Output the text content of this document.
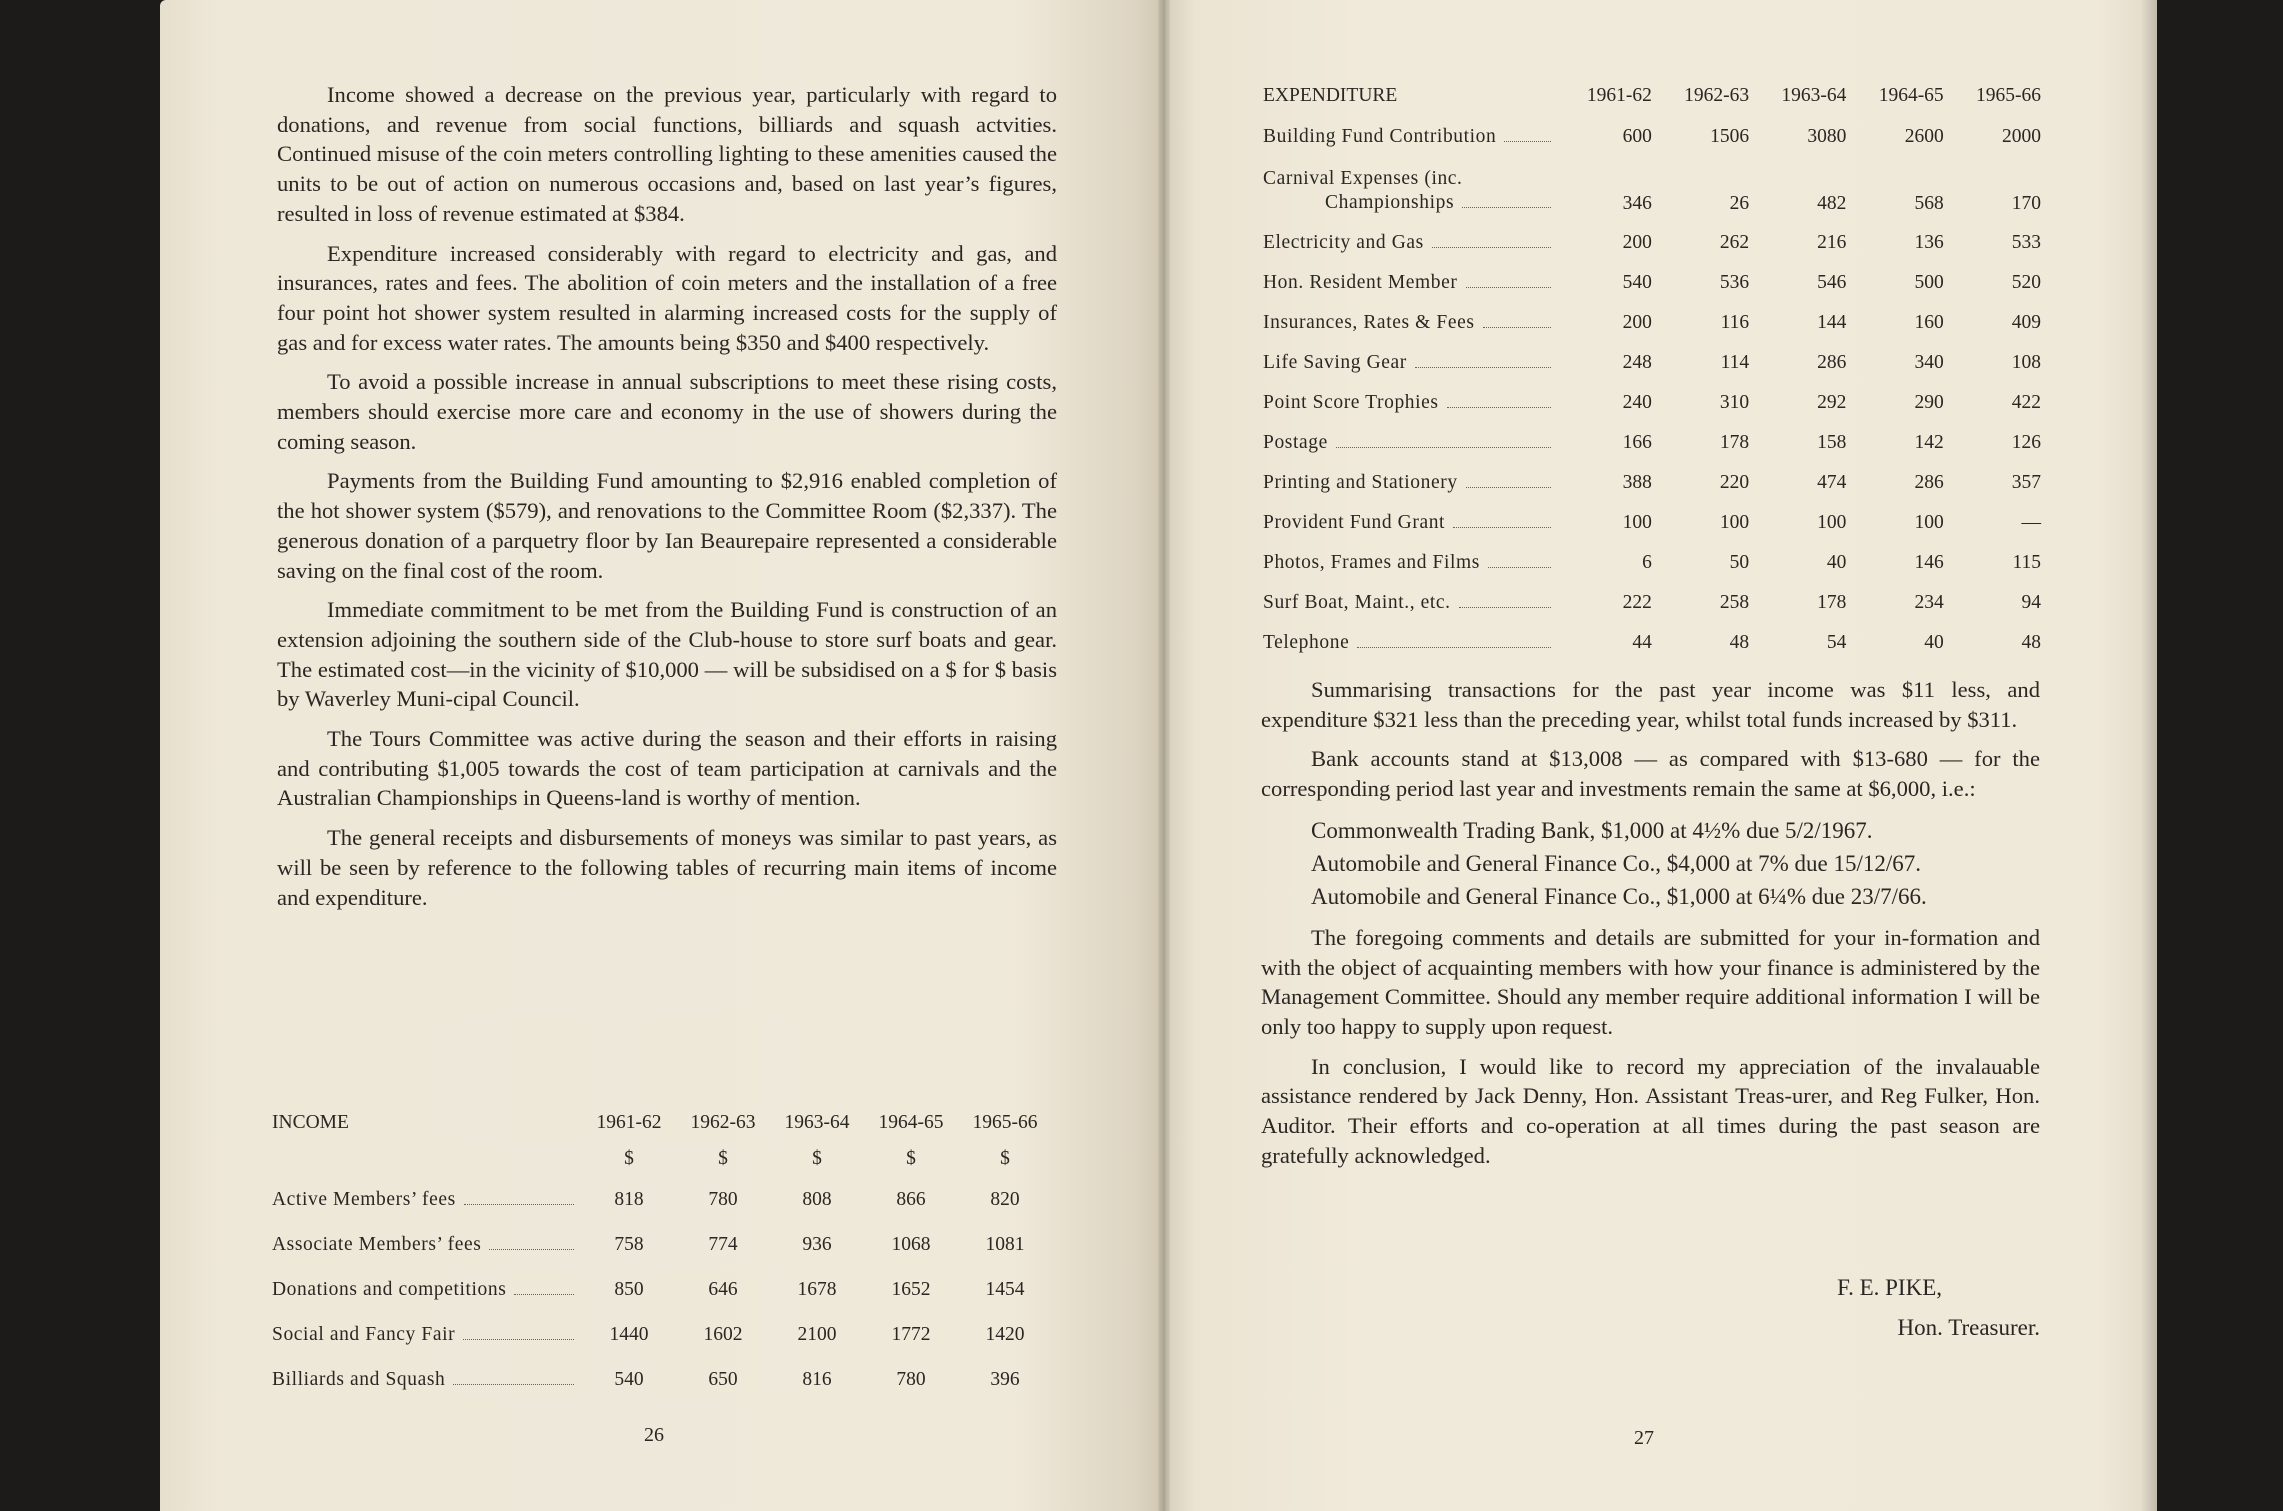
Income showed a decrease on the previous year, particularly with regard to donations, and revenue from social functions, billiards and squash actvities. Continued misuse of the coin meters controlling lighting to these amenities caused the units to be out of action on numerous occasions and, based on last year’s figures, resulted in loss of revenue estimated at $384.

Expenditure increased considerably with regard to electricity and gas, and insurances, rates and fees. The abolition of coin meters and the installation of a free four point hot shower system resulted in alarming increased costs for the supply of gas and for excess water rates. The amounts being $350 and $400 respectively.

To avoid a possible increase in annual subscriptions to meet these rising costs, members should exercise more care and economy in the use of showers during the coming season.

Payments from the Building Fund amounting to $2,916 enabled completion of the hot shower system ($579), and renovations to the Committee Room ($2,337). The generous donation of a parquetry floor by Ian Beaurepaire represented a considerable saving on the final cost of the room.

Immediate commitment to be met from the Building Fund is construction of an extension adjoining the southern side of the Club-house to store surf boats and gear. The estimated cost—in the vicinity of $10,000 — will be subsidised on a $ for $ basis by Waverley Muni-cipal Council.

The Tours Committee was active during the season and their efforts in raising and contributing $1,005 towards the cost of team participation at carnivals and the Australian Championships in Queens-land is worthy of mention.

The general receipts and disbursements of moneys was similar to past years, as will be seen by reference to the following tables of recurring main items of income and expenditure.

INCOME	1961-62	1962-63	1963-64	1964-65	1965-66
	$	$	$	$	$

Active Members’ fees	818	780	808	866	820

Associate Members’ fees	758	774	936	1068	1081

Donations and competitions	850	646	1678	1652	1454

Social and Fancy Fair	1440	1602	2100	1772	1420

Billiards and Squash	540	650	816	780	396
26
EXPENDITURE	1961-62	1962-63	1963-64	1964-65	1965-66

Building Fund Contribution	600	1506	3080	2600	2000

Carnival Expenses (inc.
Championships	346	26	482	568	170

Electricity and Gas	200	262	216	136	533

Hon. Resident Member	540	536	546	500	520

Insurances, Rates & Fees	200	116	144	160	409

Life Saving Gear	248	114	286	340	108

Point Score Trophies	240	310	292	290	422

Postage	166	178	158	142	126

Printing and Stationery	388	220	474	286	357

Provident Fund Grant	100	100	100	100	—

Photos, Frames and Films	6	50	40	146	115

Surf Boat, Maint., etc.	222	258	178	234	94

Telephone	44	48	54	40	48

Summarising transactions for the past year income was $11 less, and expenditure $321 less than the preceding year, whilst total funds increased by $311.

Bank accounts stand at $13,008 — as compared with $13-680 — for the corresponding period last year and investments remain the same at $6,000, i.e.:

Commonwealth Trading Bank, $1,000 at 4½% due 5/2/1967.
Automobile and General Finance Co., $4,000 at 7% due 15/12/67.
Automobile and General Finance Co., $1,000 at 6¼% due 23/7/66.

The foregoing comments and details are submitted for your in-formation and with the object of acquainting members with how your finance is administered by the Management Committee. Should any member require additional information I will be only too happy to supply upon request.

In conclusion, I would like to record my appreciation of the invalauable assistance rendered by Jack Denny, Hon. Assistant Treas-urer, and Reg Fulker, Hon. Auditor. Their efforts and co-operation at all times during the past season are gratefully acknowledged.

F. E. PIKE,
Hon. Treasurer.
27
